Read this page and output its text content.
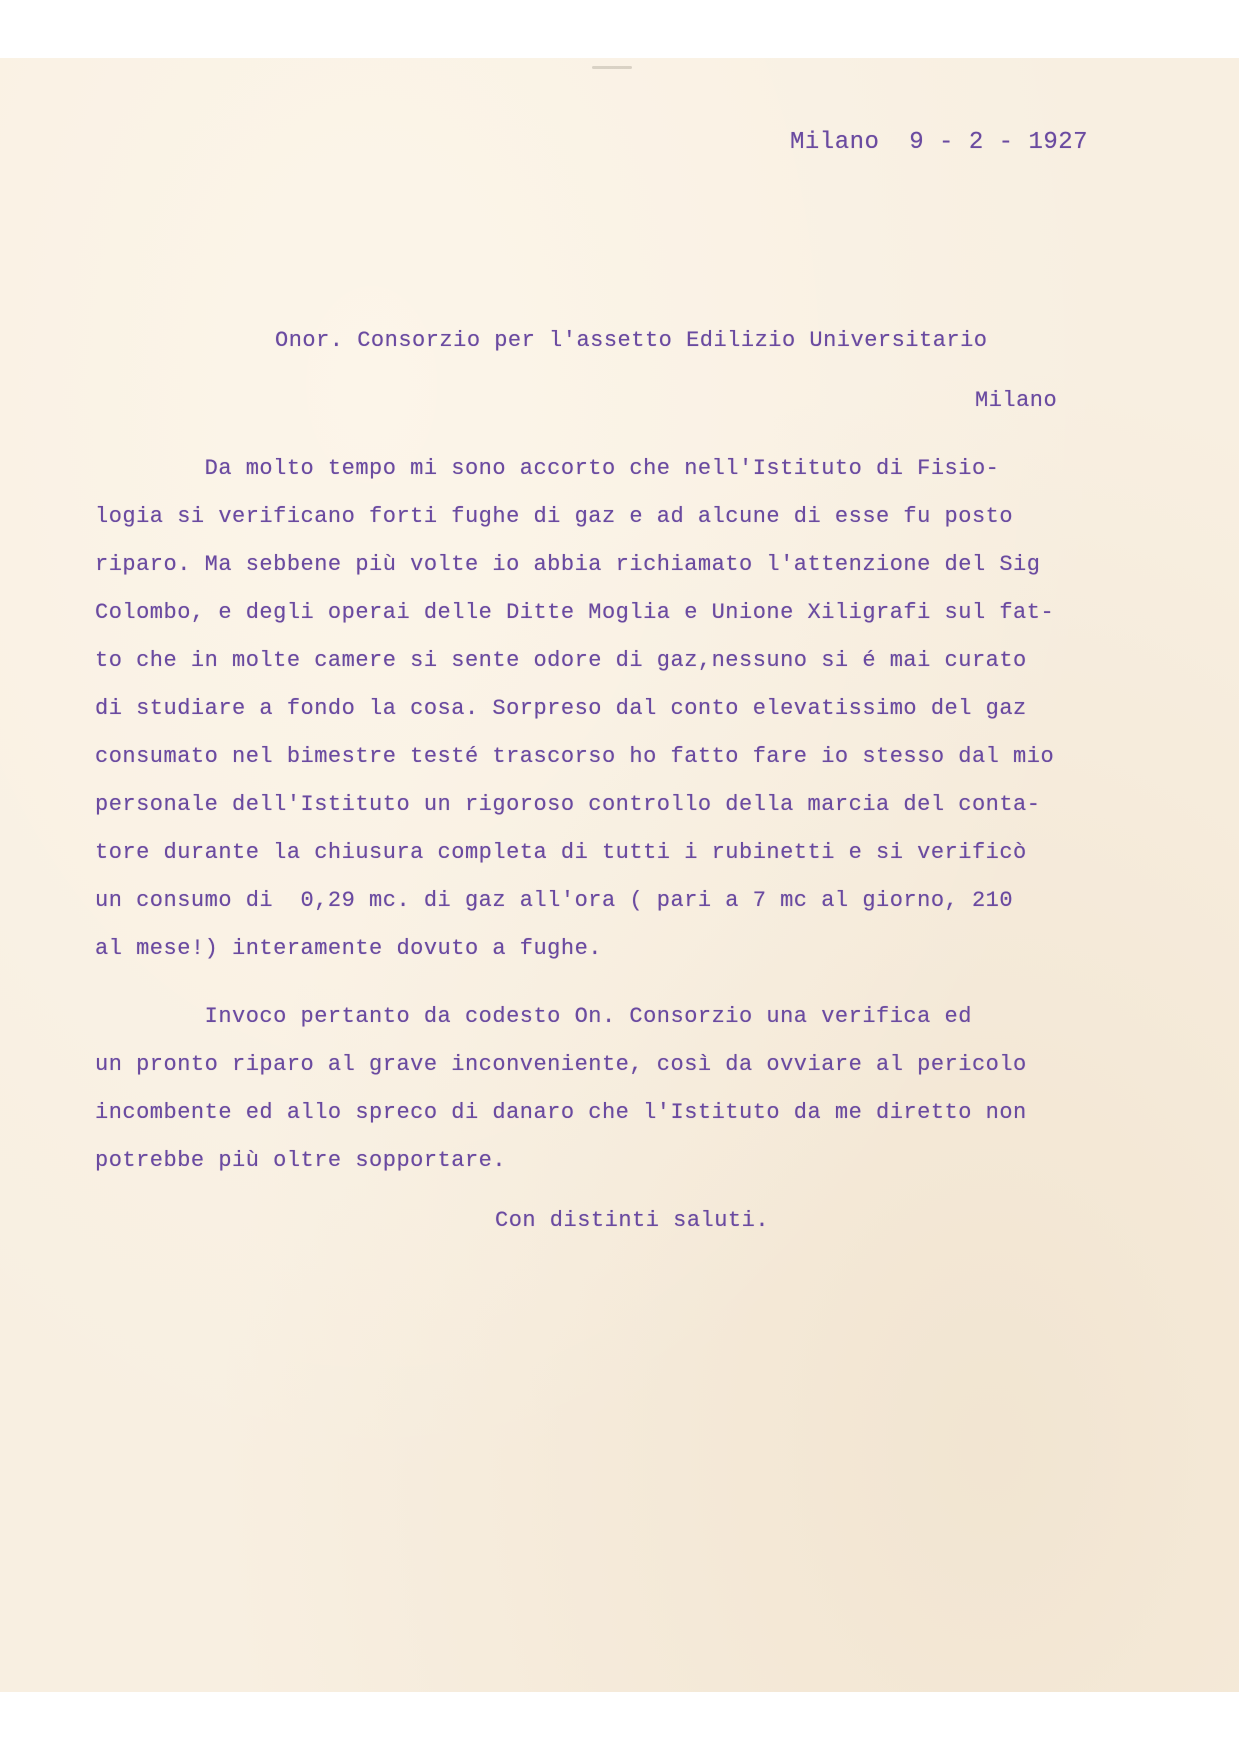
Milano  9 - 2 - 1927
Onor. Consorzio per l'assetto Edilizio Universitario
Milano
Da molto tempo mi sono accorto che nell'Istituto di Fisio-
logia si verificano forti fughe di gaz e ad alcune di esse fu posto
riparo. Ma sebbene più volte io abbia richiamato l'attenzione del Sig
Colombo, e degli operai delle Ditte Moglia e Unione Xiligrafi sul fat-
to che in molte camere si sente odore di gaz,nessuno si é mai curato
di studiare a fondo la cosa. Sorpreso dal conto elevatissimo del gaz
consumato nel bimestre testé trascorso ho fatto fare io stesso dal mio
personale dell'Istituto un rigoroso controllo della marcia del conta-
tore durante la chiusura completa di tutti i rubinetti e si verificò
un consumo di  0,29 mc. di gaz all'ora ( pari a 7 mc al giorno, 210
al mese!) interamente dovuto a fughe.
Invoco pertanto da codesto On. Consorzio una verifica ed
un pronto riparo al grave inconveniente, così da ovviare al pericolo
incombente ed allo spreco di danaro che l'Istituto da me diretto non
potrebbe più oltre sopportare.
Con distinti saluti.
